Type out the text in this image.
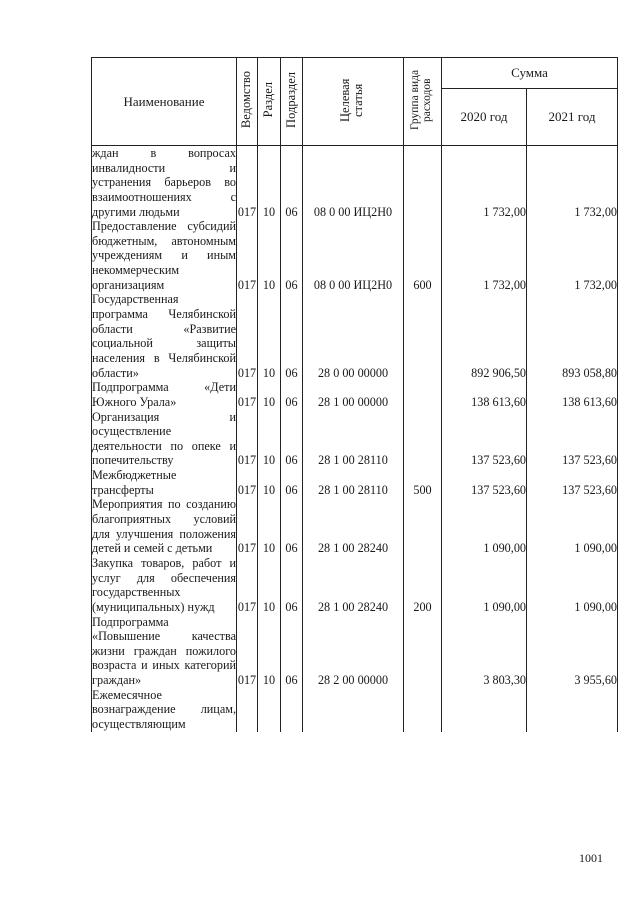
Наименование	Ведомство	Раздел	Подраздел	Целевая статья	Группа вида расходов	Сумма	
						2020 год	2021 год
ждан в вопросах инвалидности и устранения барьеров во взаимоотношениях с другими людьми	017	10	06	08 0 00 ИЦ2Н0		1 732,00	1 732,00
Предоставление субсидий бюджетным, автономным учреждениям и иным некоммерческим организациям	017	10	06	08 0 00 ИЦ2Н0	600	1 732,00	1 732,00
Государственная программа Челябинской области «Развитие социальной защиты населения в Челябинской области»	017	10	06	28 0 00 00000		892 906,50	893 058,80
Подпрограмма «Дети Южного Урала»	017	10	06	28 1 00 00000		138 613,60	138 613,60
Организация и осуществление деятельности по опеке и попечительству	017	10	06	28 1 00 28110		137 523,60	137 523,60
Межбюджетные трансферты	017	10	06	28 1 00 28110	500	137 523,60	137 523,60
Мероприятия по созданию благоприятных условий для улучшения положения детей и семей с детьми	017	10	06	28 1 00 28240		1 090,00	1 090,00
Закупка товаров, работ и услуг для обеспечения государственных (муниципальных) нужд	017	10	06	28 1 00 28240	200	1 090,00	1 090,00
Подпрограмма «Повышение качества жизни граждан пожилого возраста и иных категорий граждан»	017	10	06	28 2 00 00000		3 803,30	3 955,60
Ежемесячное вознаграждение лицам, осуществляющим							
1001
